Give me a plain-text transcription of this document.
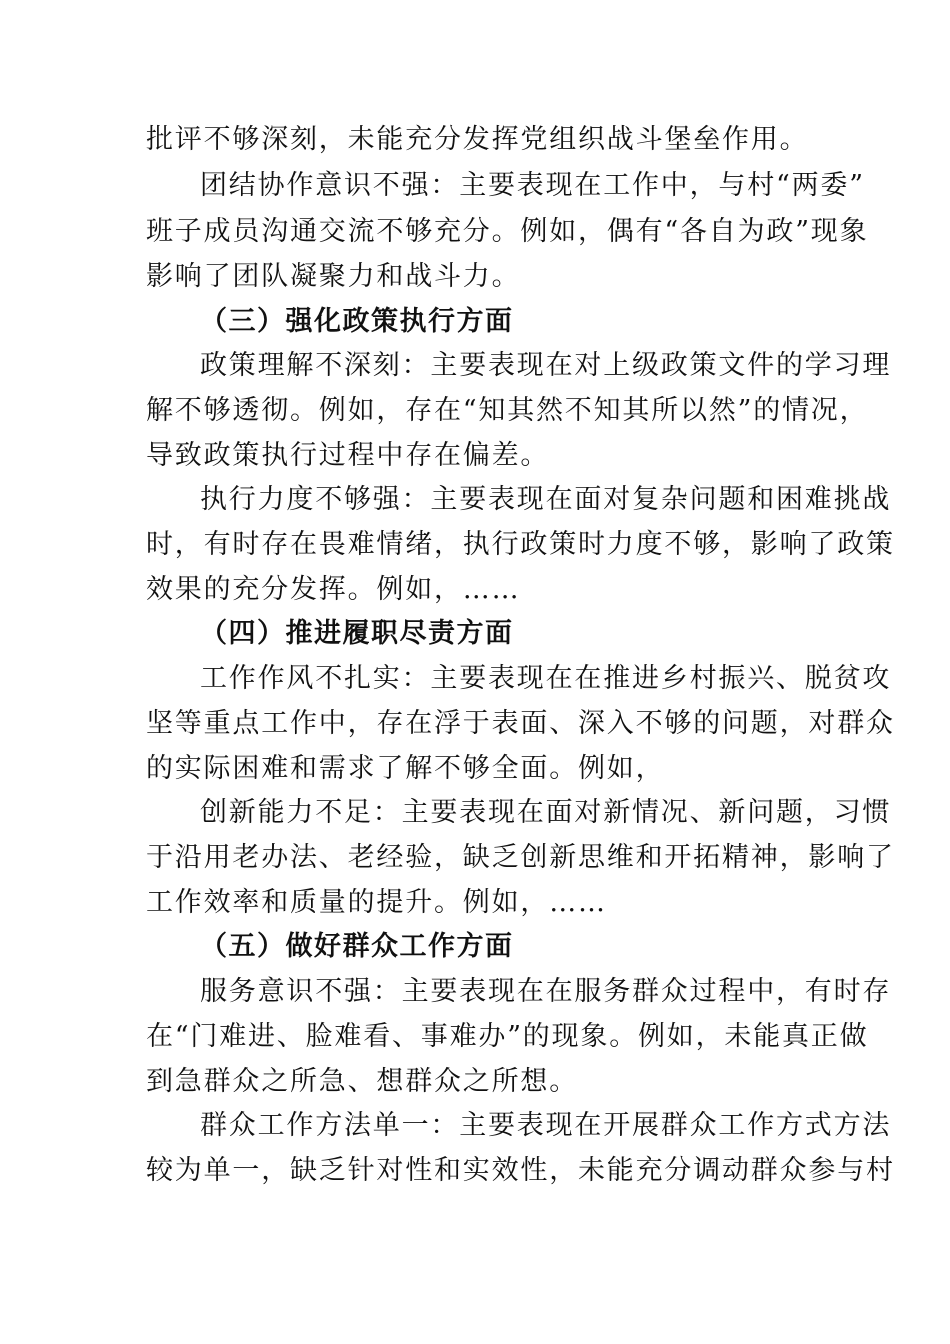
批评不够深刻，未能充分发挥党组织战斗堡垒作用。
团结协作意识不强：主要表现在工作中，与村“两委”
班子成员沟通交流不够充分。例如，偶有“各自为政”现象
影响了团队凝聚力和战斗力。
（三）强化政策执行方面
政策理解不深刻：主要表现在对上级政策文件的学习理
解不够透彻。例如，存在“知其然不知其所以然”的情况，
导致政策执行过程中存在偏差。
执行力度不够强：主要表现在面对复杂问题和困难挑战
时，有时存在畏难情绪，执行政策时力度不够，影响了政策
效果的充分发挥。例如，……
（四）推进履职尽责方面
工作作风不扎实：主要表现在在推进乡村振兴、脱贫攻
坚等重点工作中，存在浮于表面、深入不够的问题，对群众
的实际困难和需求了解不够全面。例如，
创新能力不足：主要表现在面对新情况、新问题，习惯
于沿用老办法、老经验，缺乏创新思维和开拓精神，影响了
工作效率和质量的提升。例如，……
（五）做好群众工作方面
服务意识不强：主要表现在在服务群众过程中，有时存
在“门难进、脸难看、事难办”的现象。例如，未能真正做
到急群众之所急、想群众之所想。
群众工作方法单一：主要表现在开展群众工作方式方法
较为单一，缺乏针对性和实效性，未能充分调动群众参与村
